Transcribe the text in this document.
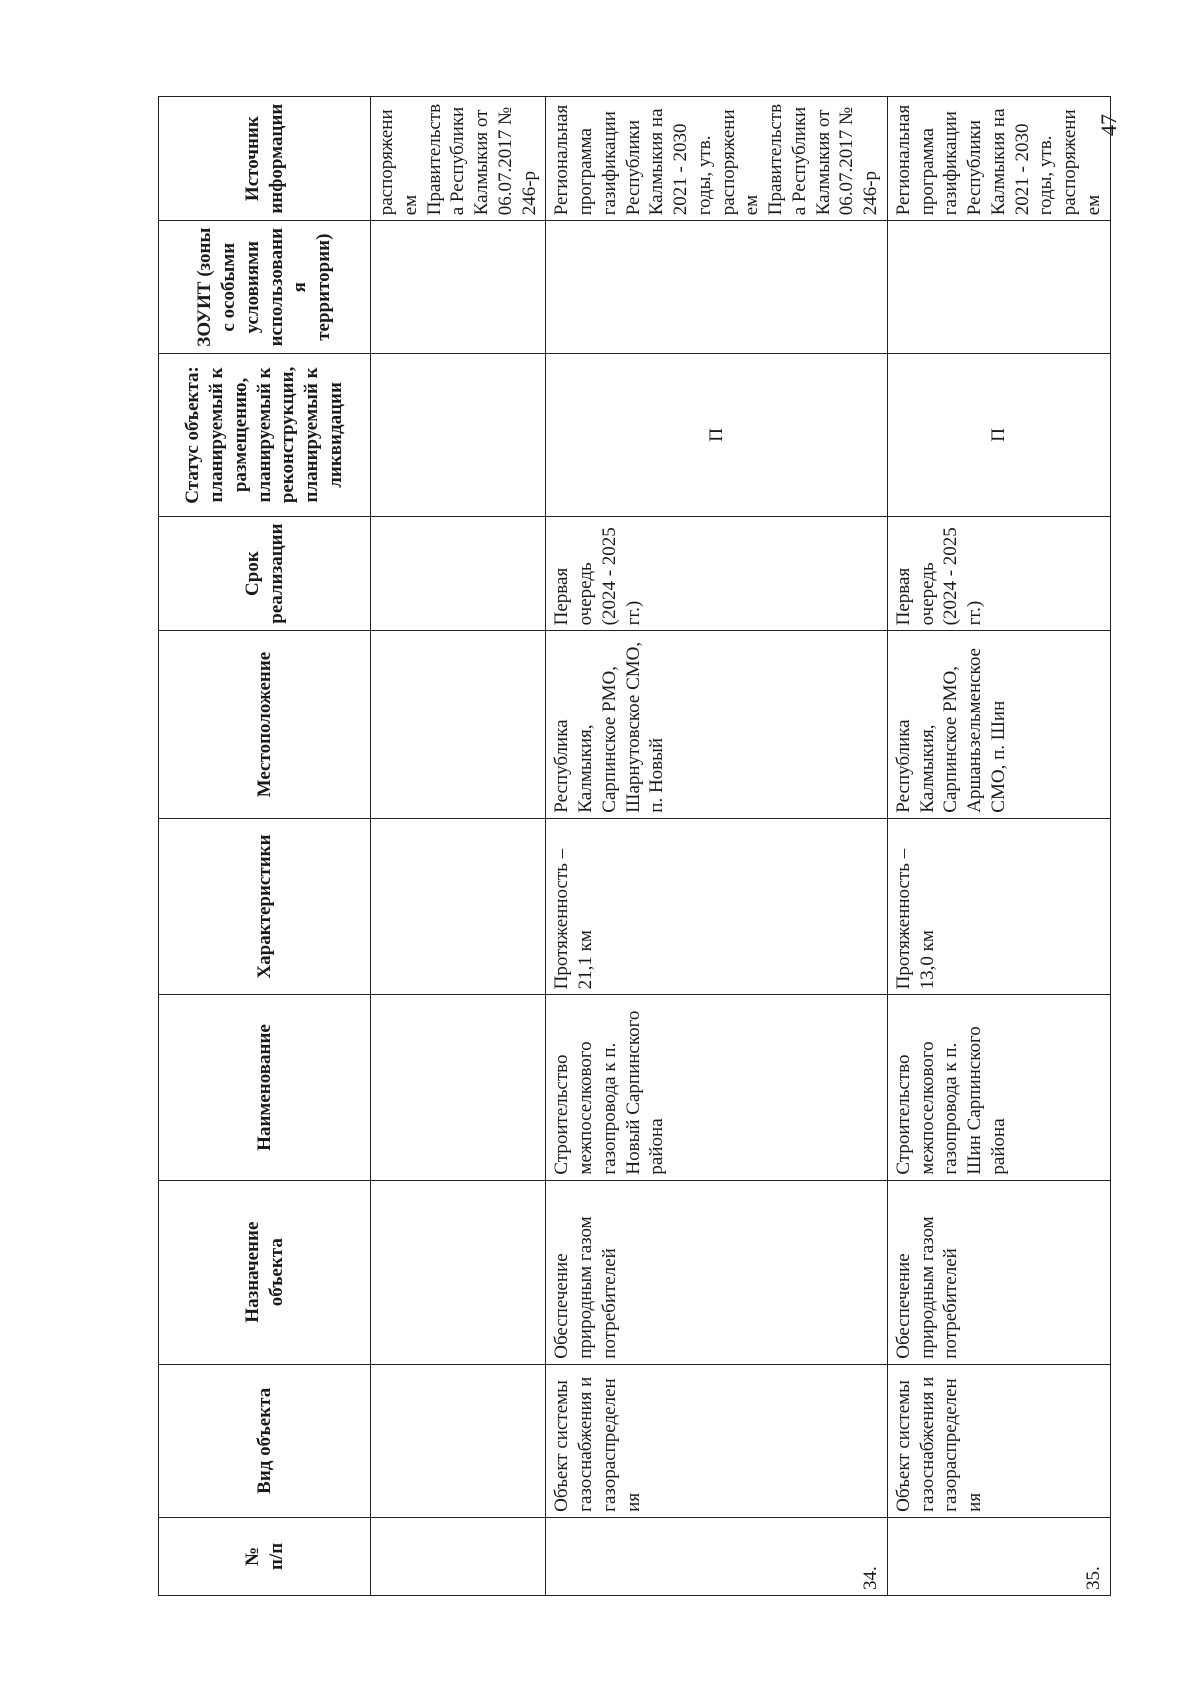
№
п/п	Вид объекта	Назначение объекта	Наименование	Характеристики	Местоположение	Срок реализации	Статус объекта: планируемый к размещению, планируемый к реконструкции, планируемый к ликвидации	ЗОУИТ (зоны с особыми условиями использования территории)	Источник информации
									распоряжением Правительства Республики Калмыкия от 06.07.2017 № 246-р
34.	Объект системы газоснабжения и газораспределения	Обеспечение природным газом потребителей	Строительство межпоселкового газопровода к п. Новый Сарпинского района	Протяженность – 21,1 км	Республика Калмыкия, Сарпинское РМО, Шарнутовское СМО, п. Новый	Первая очередь (2024 - 2025 гг.)	П		Региональная программа газификации Республики Калмыкия на 2021 - 2030 годы, утв. распоряжением Правительства Республики Калмыкия от 06.07.2017 № 246-р
35.	Объект системы газоснабжения и газораспределения	Обеспечение природным газом потребителей	Строительство межпоселкового газопровода к п. Шин Сарпинского района	Протяженность – 13,0 км	Республика Калмыкия, Сарпинское РМО, Аршаньзельменское СМО, п. Шин	Первая очередь (2024 - 2025 гг.)	П		Региональная программа газификации Республики Калмыкия на 2021 - 2030 годы, утв. распоряжением
47
